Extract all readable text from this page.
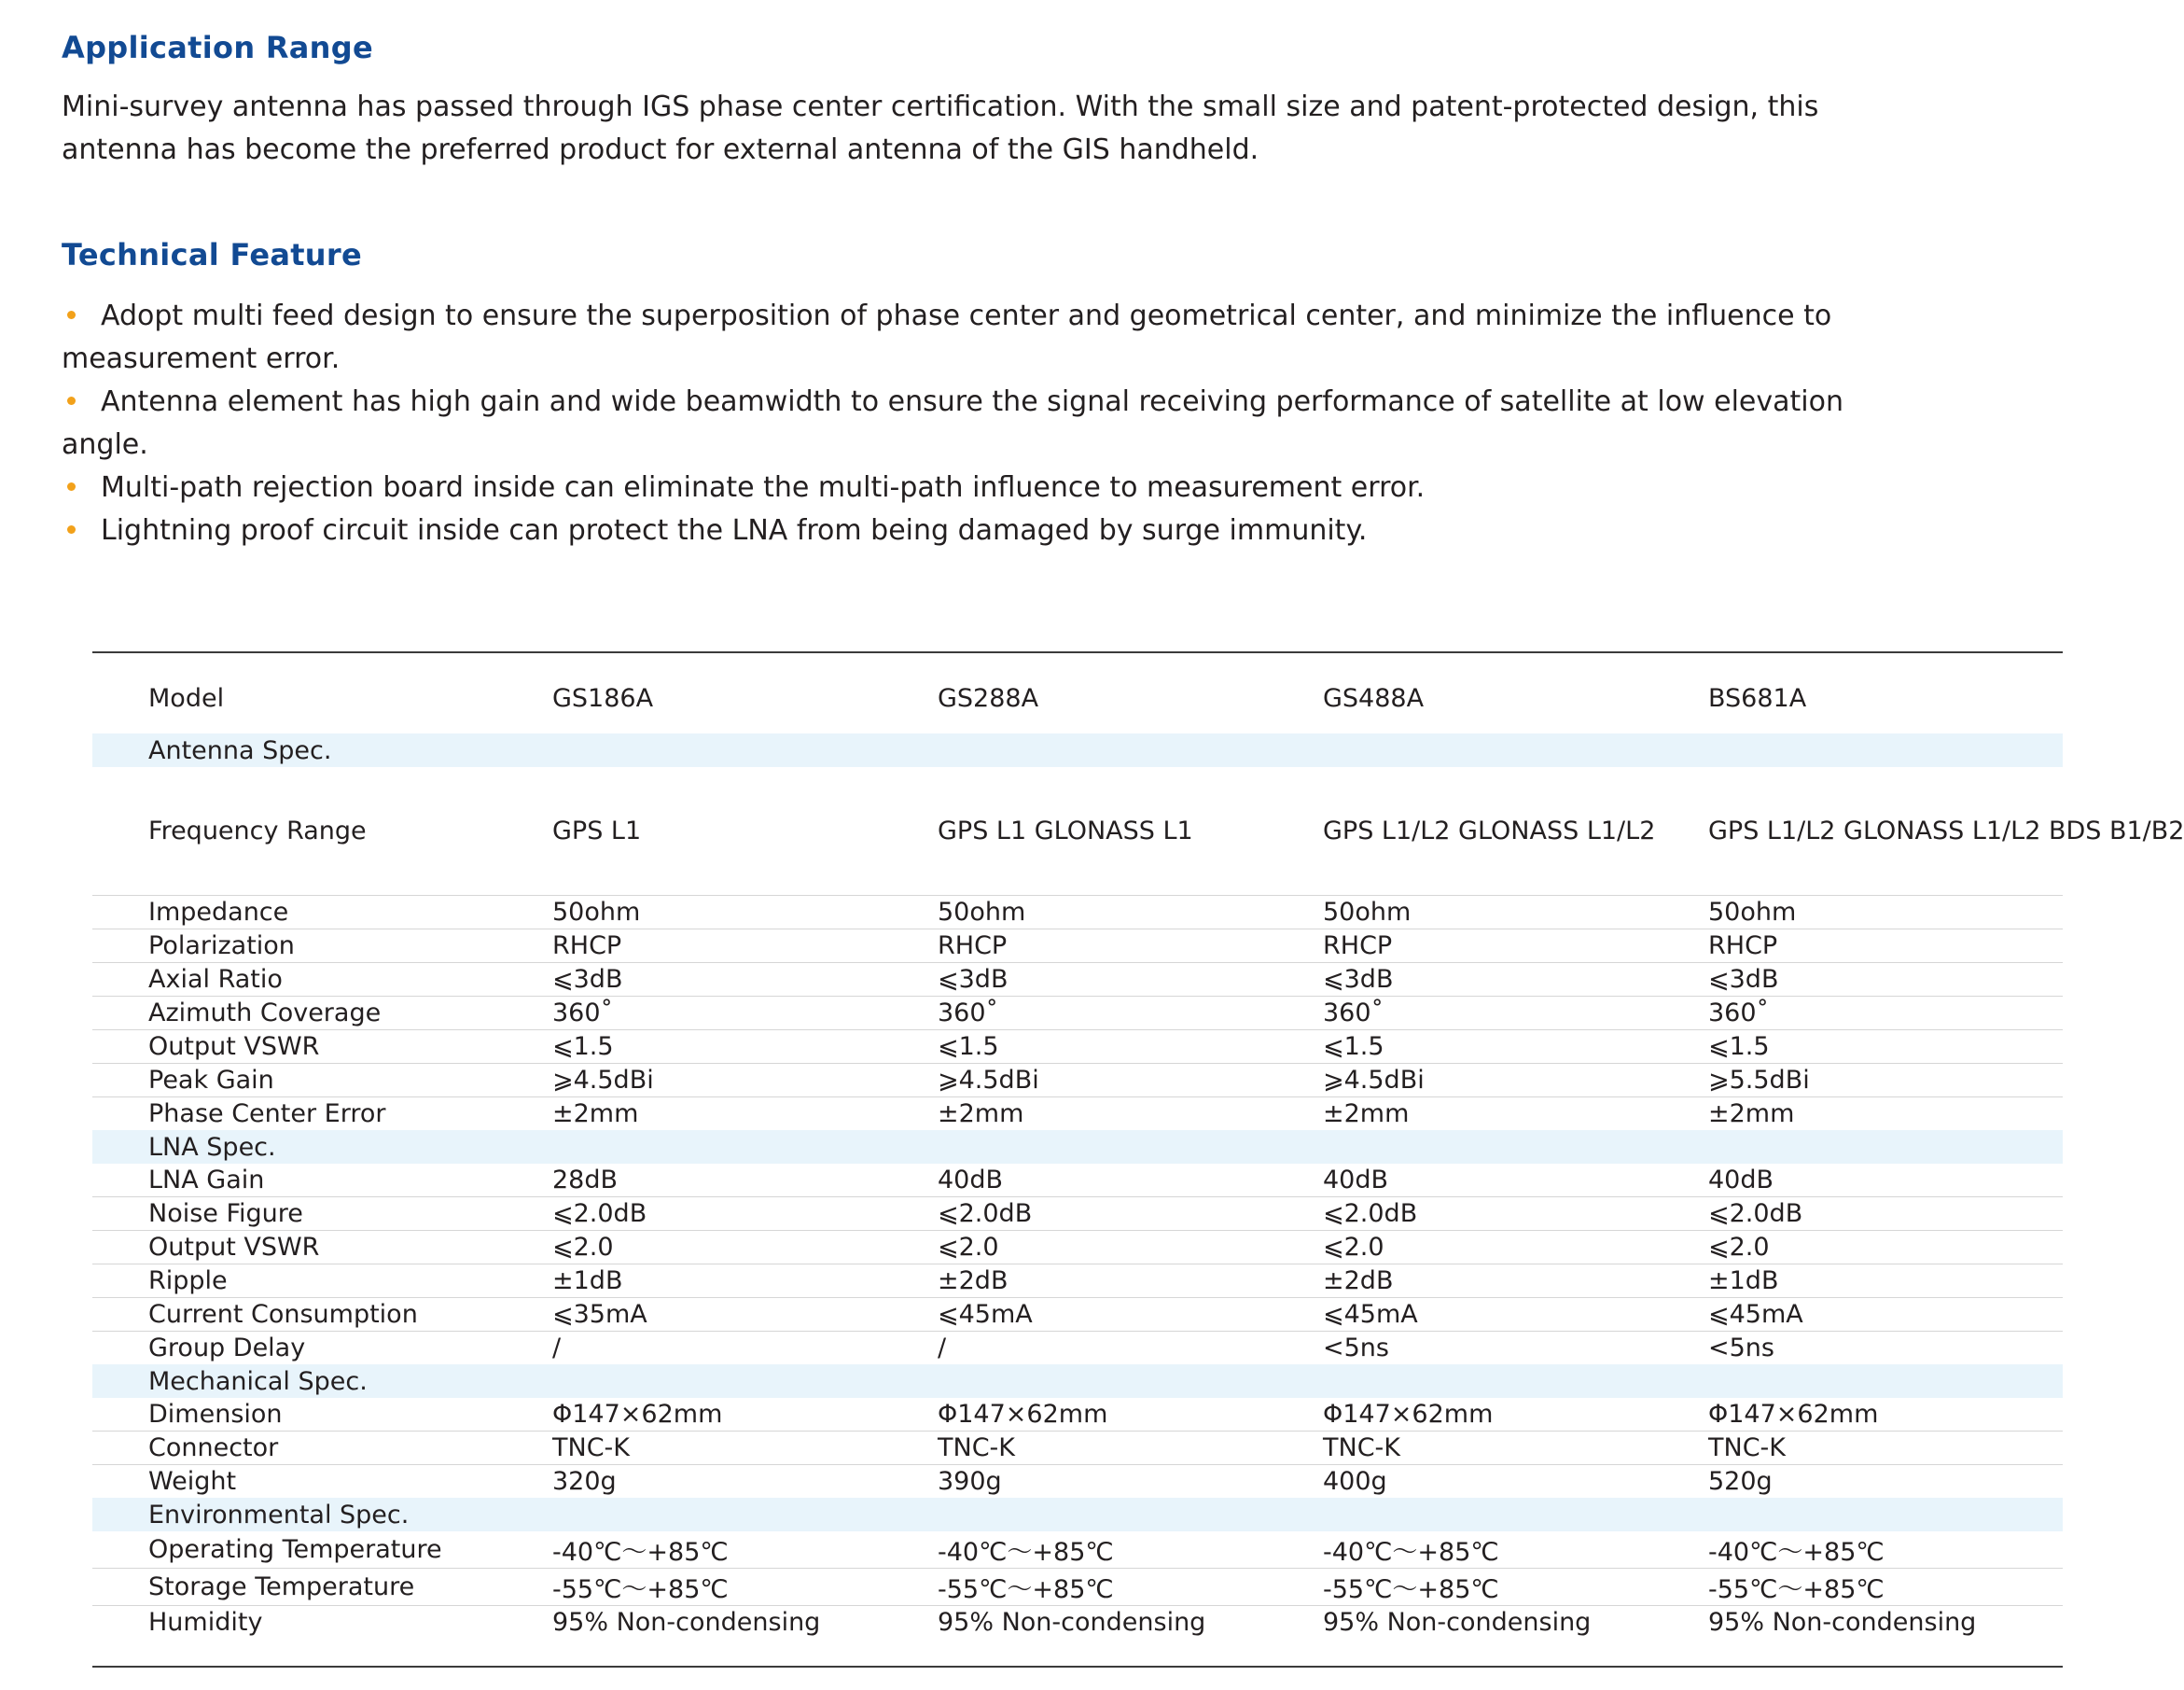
Application Range

Mini-survey antenna has passed through IGS phase center certification. With the small size and patent-protected design, this antenna has become the preferred product for external antenna of the GIS handheld.

Technical Feature
Adopt multi feed design to ensure the superposition of phase center and geometrical center, and minimize the influence to measurement error.
Antenna element has high gain and wide beamwidth to ensure the signal receiving performance of satellite at low elevation angle.
Multi-path rejection board inside can eliminate the multi-path influence to measurement error.
Lightning proof circuit inside can protect the LNA from being damaged by surge immunity.
Model	GS186A	GS288A	GS488A	BS681A
Antenna Spec.				
Frequency Range	GPS L1	GPS L1 GLONASS L1	GPS L1/L2 GLONASS L1/L2	GPS L1/L2 GLONASS L1/L2 BDS B1/B2
Impedance	50ohm	50ohm	50ohm	50ohm
Polarization	RHCP	RHCP	RHCP	RHCP
Axial Ratio	⩽3dB	⩽3dB	⩽3dB	⩽3dB
Azimuth Coverage	360˚	360˚	360˚	360˚
Output VSWR	⩽1.5	⩽1.5	⩽1.5	⩽1.5
Peak Gain	⩾4.5dBi	⩾4.5dBi	⩾4.5dBi	⩾5.5dBi
Phase Center Error	±2mm	±2mm	±2mm	±2mm
LNA Spec.				
LNA Gain	28dB	40dB	40dB	40dB
Noise Figure	⩽2.0dB	⩽2.0dB	⩽2.0dB	⩽2.0dB
Output VSWR	⩽2.0	⩽2.0	⩽2.0	⩽2.0
Ripple	±1dB	±2dB	±2dB	±1dB
Current Consumption	⩽35mA	⩽45mA	⩽45mA	⩽45mA
Group Delay	/	/	<5ns	<5ns
Mechanical Spec.				
Dimension	Φ147×62mm	Φ147×62mm	Φ147×62mm	Φ147×62mm
Connector	TNC-K	TNC-K	TNC-K	TNC-K
Weight	320g	390g	400g	520g
Environmental Spec.				
Operating Temperature	-40℃～+85℃	-40℃～+85℃	-40℃～+85℃	-40℃～+85℃
Storage Temperature	-55℃～+85℃	-55℃～+85℃	-55℃～+85℃	-55℃～+85℃
Humidity	95% Non-condensing	95% Non-condensing	95% Non-condensing	95% Non-condensing
